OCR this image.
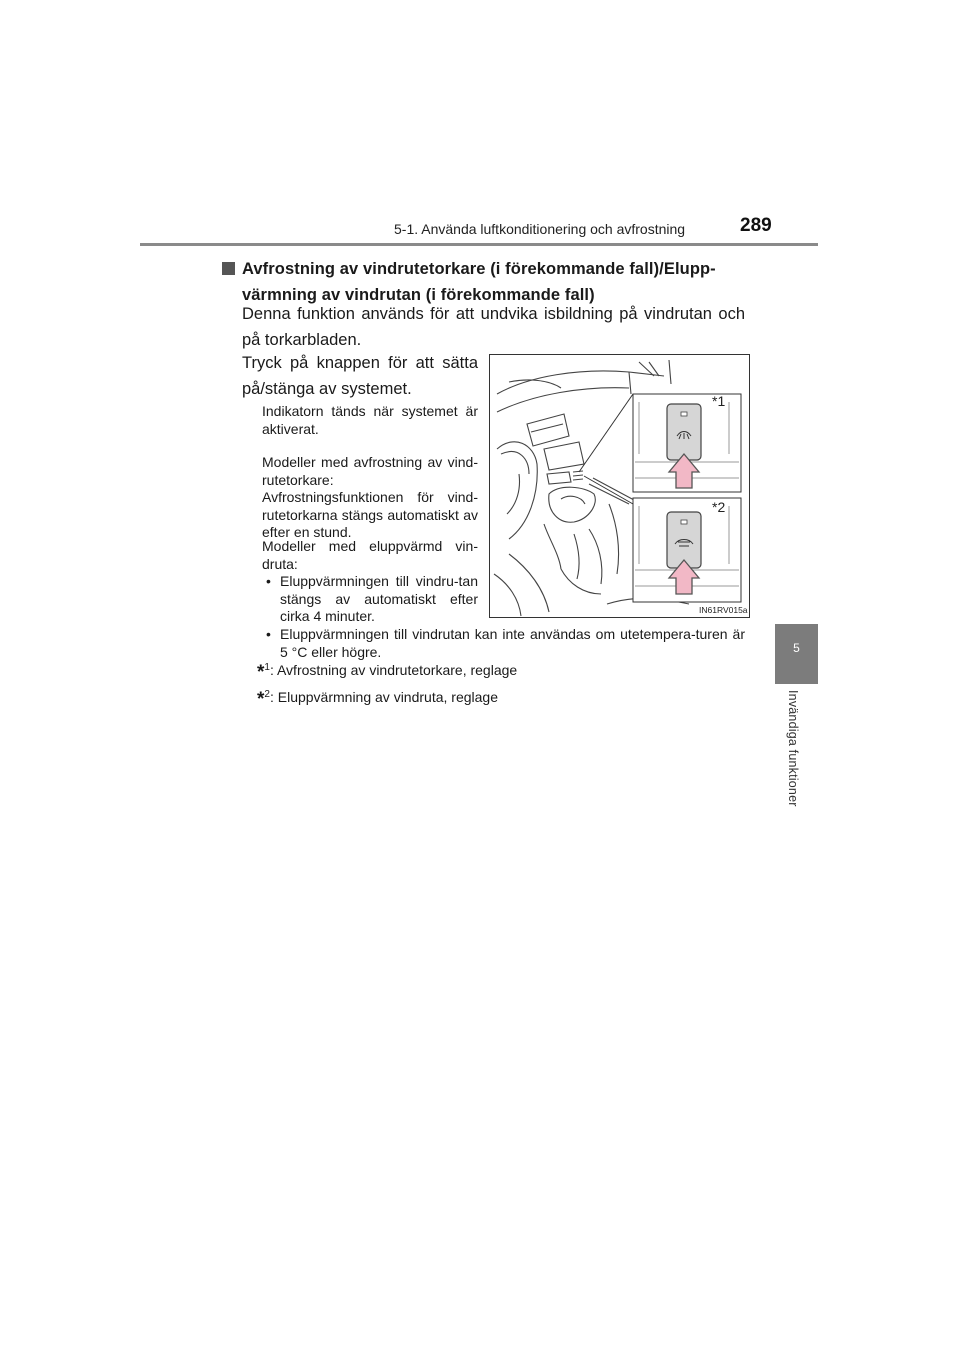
5-1. Använda luftkonditionering och avfrostning	289
5
Invändiga funktioner
Avfrostning av vindrutetorkare (i förekommande fall)/Elupp-
värmning av vindrutan (i förekommande fall)
Denna funktion används för att undvika isbildning på vindrutan och på torkarbladen.
Tryck på knappen för att sätta på/stänga av systemet.
Indikatorn tänds när systemet är aktiverat.
Modeller med avfrostning av vind-rutetorkare: Avfrostningsfunktionen för vind-rutetorkarna stängs automatiskt av efter en stund.
Modeller med eluppvärmd vin-druta:
• Eluppvärmningen till vindru-tan stängs av automatiskt efter cirka 4 minuter.
• Eluppvärmningen till vindrutan kan inte användas om utetempera-turen är 5 °C eller högre.
*$^1$: Avfrostning av vindrutetorkare, reglage
*$^2$: Eluppvärmning av vindruta, reglage
*1
*2
IN61RV015a
